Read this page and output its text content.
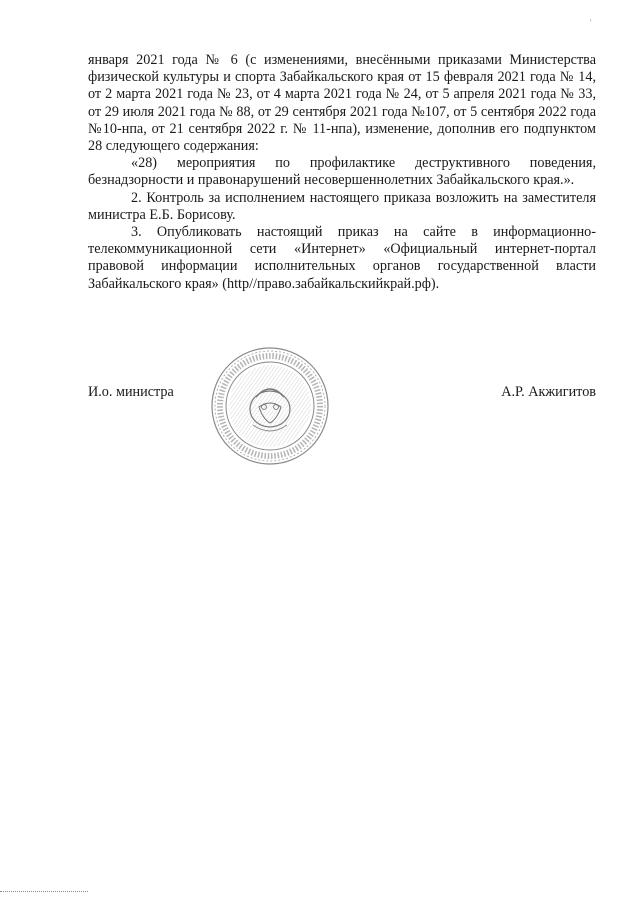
'

января 2021 года № 6 (с изменениями, внесёнными приказами Министерства физической культуры и спорта Забайкальского края от 15 февраля 2021 года № 14, от 2 марта 2021 года № 23, от 4 марта 2021 года № 24, от 5 апреля 2021 года № 33, от 29 июля 2021 года № 88, от 29 сентября 2021 года №107, от 5 сентября 2022 года №10-нпа, от 21 сентября 2022 г. № 11-нпа), изменение, дополнив его подпунктом 28 следующего содержания:

«28) мероприятия по профилактике деструктивного поведения, безнадзорности и правонарушений несовершеннолетних Забайкальского края.».

2. Контроль за исполнением настоящего приказа возложить на заместителя министра Е.Б. Борисову.

3. Опубликовать настоящий приказ на сайте в информационно-телекоммуникационной сети «Интернет» «Официальный интернет-портал правовой информации исполнительных органов государственной власти Забайкальского края» (http//право.забайкальскийкрай.рф).

И.о. министра	А.Р. Акжигитов
